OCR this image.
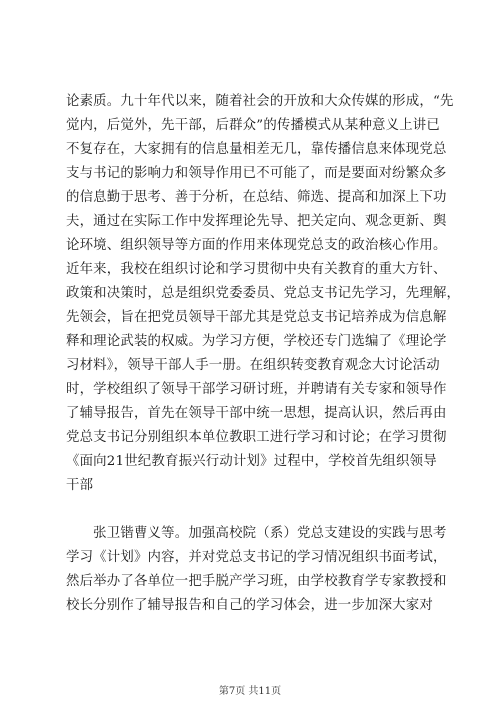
论素质。九十年代以来，随着社会的开放和大众传媒的形成，“先
觉内，后觉外，先干部，后群众”的传播模式从某种意义上讲已
不复存在，大家拥有的信息量相差无几，靠传播信息来体现党总
支与书记的影响力和领导作用已不可能了，而是要面对纷繁众多
的信息勤于思考、善于分析，在总结、筛选、提高和加深上下功
夫，通过在实际工作中发挥理论先导、把关定向、观念更新、舆
论环境、组织领导等方面的作用来体现党总支的政治核心作用。
近年来，我校在组织讨论和学习贯彻中央有关教育的重大方针、
政策和决策时，总是组织党委委员、党总支书记先学习，先理解，
先领会，旨在把党员领导干部尤其是党总支书记培养成为信息解
释和理论武装的权威。为学习方便，学校还专门选编了《理论学
习材料》，领导干部人手一册。在组织转变教育观念大讨论活动
时，学校组织了领导干部学习研讨班，并聘请有关专家和领导作
了辅导报告，首先在领导干部中统一思想，提高认识，然后再由
党总支书记分别组织本单位教职工进行学习和讨论；在学习贯彻
《面向21世纪教育振兴行动计划》过程中，学校首先组织领导
干部
　　张卫锴曹义等。加强高校院（系）党总支建设的实践与思考
学习《计划》内容，并对党总支书记的学习情况组织书面考试，
然后举办了各单位一把手脱产学习班，由学校教育学专家教授和
校长分别作了辅导报告和自己的学习体会，进一步加深大家对
第7页 共11页
